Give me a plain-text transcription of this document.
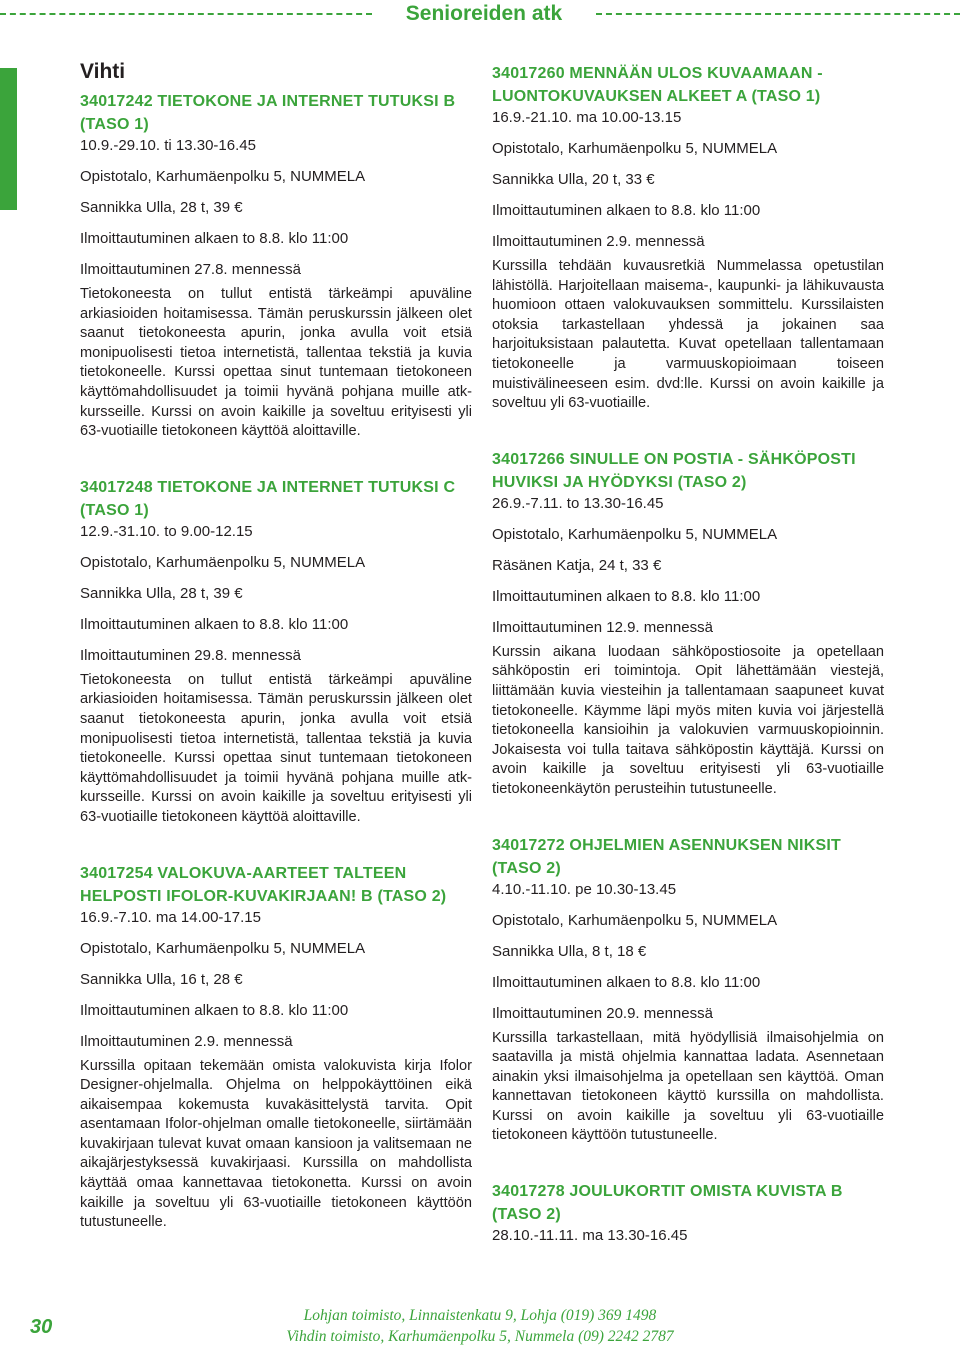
Senioreiden atk
Vihti
34017242 TIETOKONE JA INTERNET TUTUKSI B (TASO 1)
10.9.-29.10. ti 13.30-16.45
Opistotalo, Karhumäenpolku 5, NUMMELA
Sannikka Ulla, 28 t, 39 €
Ilmoittautuminen alkaen to 8.8. klo 11:00
Ilmoittautuminen 27.8. mennessä
Tietokoneesta on tullut entistä tärkeämpi apuväline arkiasioiden hoitamisessa. Tämän peruskurssin jälkeen olet saanut tietokoneesta apurin, jonka avulla voit etsiä monipuolisesti tietoa internetistä, tallentaa tekstiä ja kuvia tietokoneelle. Kurssi opettaa sinut tuntemaan tietokoneen käyttömahdollisuudet ja toimii hyvänä pohjana muille atk-kursseille. Kurssi on avoin kaikille ja soveltuu erityisesti yli 63-vuotiaille tietokoneen käyttöä aloittaville.
34017248 TIETOKONE JA INTERNET TUTUKSI C (TASO 1)
12.9.-31.10. to 9.00-12.15
Opistotalo, Karhumäenpolku 5, NUMMELA
Sannikka Ulla, 28 t, 39 €
Ilmoittautuminen alkaen to 8.8. klo 11:00
Ilmoittautuminen 29.8. mennessä
Tietokoneesta on tullut entistä tärkeämpi apuväline arkiasioiden hoitamisessa. Tämän peruskurssin jälkeen olet saanut tietokoneesta apurin, jonka avulla voit etsiä monipuolisesti tietoa internetistä, tallentaa tekstiä ja kuvia tietokoneelle. Kurssi opettaa sinut tuntemaan tietokoneen käyttömahdollisuudet ja toimii hyvänä pohjana muille atk-kursseille. Kurssi on avoin kaikille ja soveltuu erityisesti yli 63-vuotiaille tietokoneen käyttöä aloittaville.
34017254 VALOKUVA-AARTEET TALTEEN HELPOSTI IFOLOR-KUVAKIRJAAN! B (TASO 2)
16.9.-7.10. ma 14.00-17.15
Opistotalo, Karhumäenpolku 5, NUMMELA
Sannikka Ulla, 16 t, 28 €
Ilmoittautuminen alkaen to 8.8. klo 11:00
Ilmoittautuminen 2.9. mennessä
Kurssilla opitaan tekemään omista valokuvista kirja Ifolor Designer-ohjelmalla. Ohjelma on helppokäyttöinen eikä aikaisempaa kokemusta kuvakäsittelystä tarvita. Opit asentamaan Ifolor-ohjelman omalle tietokoneelle, siirtämään kuvakirjaan tulevat kuvat omaan kansioon ja valitsemaan ne aikajärjestyksessä kuvakirjaasi. Kurssilla on mahdollista käyttää omaa kannettavaa tietokonetta. Kurssi on avoin kaikille ja soveltuu yli 63-vuotiaille tietokoneen käyttöön tutustuneelle.
34017260 MENNÄÄN ULOS KUVAAMAAN - LUONTOKUVAUKSEN ALKEET A (TASO 1)
16.9.-21.10. ma 10.00-13.15
Opistotalo, Karhumäenpolku 5, NUMMELA
Sannikka Ulla, 20 t, 33 €
Ilmoittautuminen alkaen to 8.8. klo 11:00
Ilmoittautuminen 2.9. mennessä
Kurssilla tehdään kuvausretkiä Nummelassa opetustilan lähistöllä. Harjoitellaan maisema-, kaupunki- ja lähikuvausta huomioon ottaen valokuvauksen sommittelu. Kurssilaisten otoksia tarkastellaan yhdessä ja jokainen saa harjoituksistaan palautetta. Kuvat opetellaan tallentamaan tietokoneelle ja varmuuskopioimaan toiseen muistivälineeseen esim. dvd:lle. Kurssi on avoin kaikille ja soveltuu yli 63-vuotiaille.
34017266 SINULLE ON POSTIA - SÄHKÖPOSTI HUVIKSI JA HYÖDYKSI (TASO 2)
26.9.-7.11. to 13.30-16.45
Opistotalo, Karhumäenpolku 5, NUMMELA
Räsänen Katja, 24 t, 33 €
Ilmoittautuminen alkaen to 8.8. klo 11:00
Ilmoittautuminen 12.9. mennessä
Kurssin aikana luodaan sähköpostiosoite ja opetellaan sähköpostin eri toimintoja. Opit lähettämään viestejä, liittämään kuvia viesteihin ja tallentamaan saapuneet kuvat tietokoneelle. Käymme läpi myös miten kuvia voi järjestellä tietokoneella kansioihin ja valokuvien varmuuskopioinnin. Jokaisesta voi tulla taitava sähköpostin käyttäjä. Kurssi on avoin kaikille ja soveltuu erityisesti yli 63-vuotiaille tietokoneenkäytön perusteihin tutustuneelle.
34017272 OHJELMIEN ASENNUKSEN NIKSIT (TASO 2)
4.10.-11.10. pe 10.30-13.45
Opistotalo, Karhumäenpolku 5, NUMMELA
Sannikka Ulla, 8 t, 18 €
Ilmoittautuminen alkaen to 8.8. klo 11:00
Ilmoittautuminen 20.9. mennessä
Kurssilla tarkastellaan, mitä hyödyllisiä ilmaisohjelmia on saatavilla ja mistä ohjelmia kannattaa ladata. Asennetaan ainakin yksi ilmaisohjelma ja opetellaan sen käyttöä. Oman kannettavan tietokoneen käyttö kurssilla on mahdollista. Kurssi on avoin kaikille ja soveltuu yli 63-vuotiaille tietokoneen käyttöön tutustuneelle.
34017278 JOULUKORTIT OMISTA KUVISTA B (TASO 2)
28.10.-11.11. ma 13.30-16.45
30
Lohjan toimisto, Linnaistenkatu 9, Lohja (019) 369 1498
Vihdin toimisto, Karhumäenpolku 5, Nummela (09) 2242 2787
